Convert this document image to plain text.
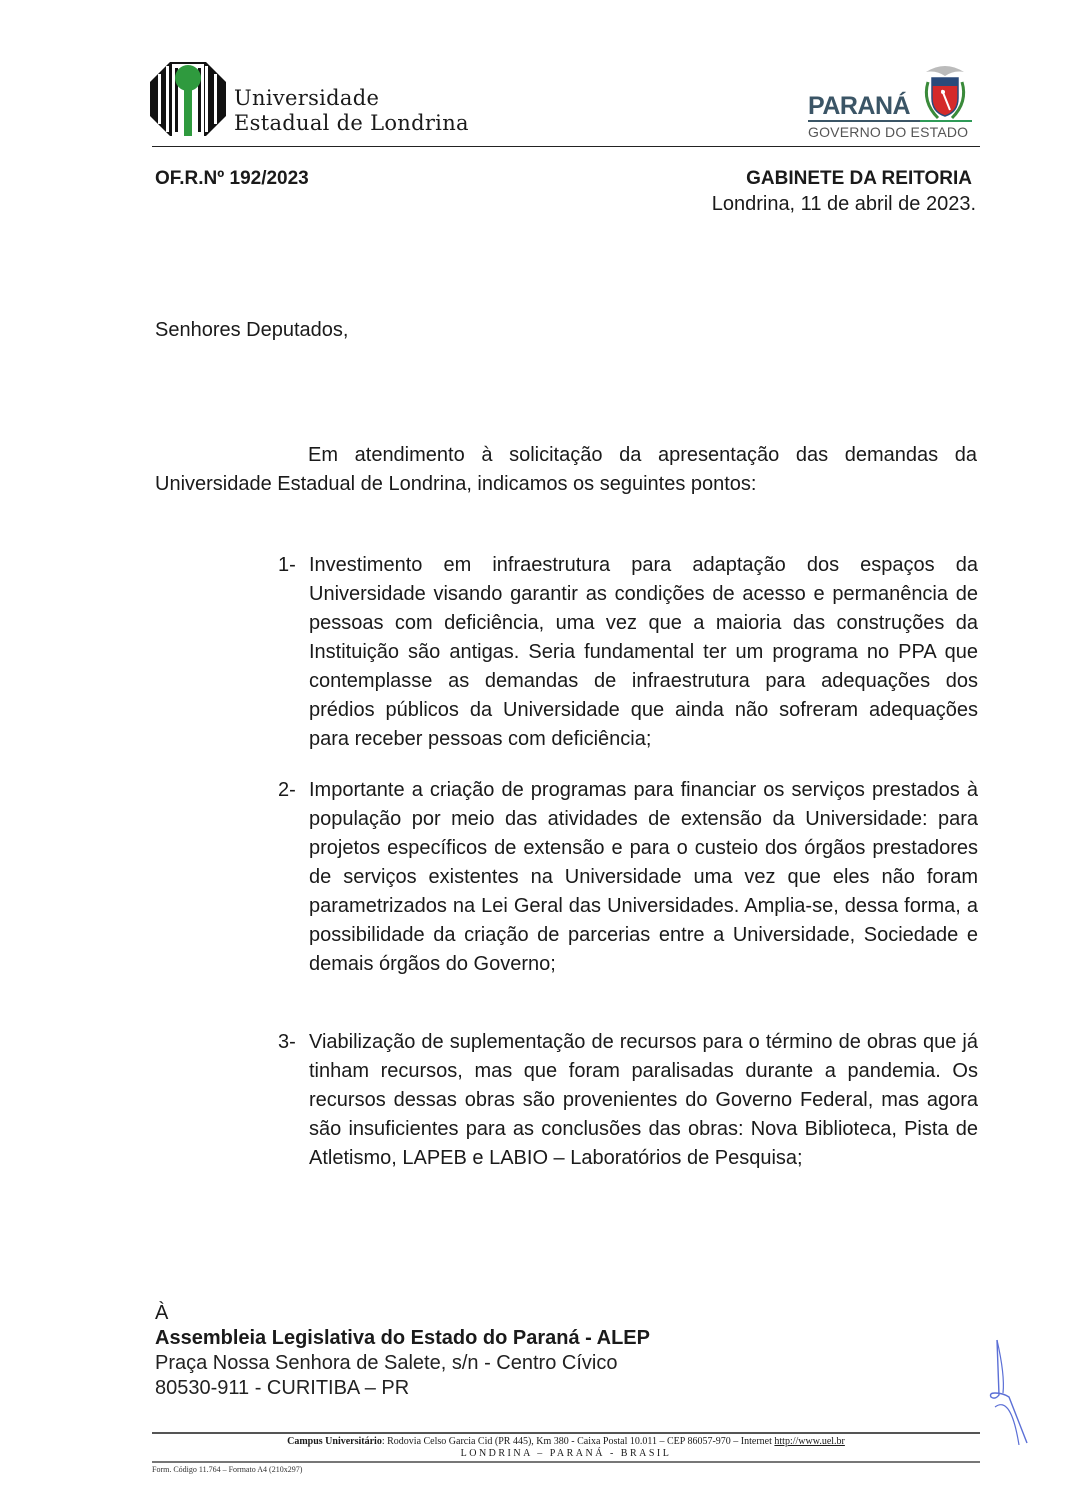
Universidade
Estadual de Londrina
PARANÁ
GOVERNO DO ESTADO
OF.R.Nº 192/2023	GABINETE DA REITORIA
Londrina, 11 de abril de 2023.
Senhores Deputados,
Em atendimento à solicitação da apresentação das demandas da Universidade Estadual de Londrina, indicamos os seguintes pontos:
1- Investimento em infraestrutura para adaptação dos espaços da Universidade visando garantir as condições de acesso e permanência de pessoas com deficiência, uma vez que a maioria das construções da Instituição são antigas. Seria fundamental ter um programa no PPA que contemplasse as demandas de infraestrutura para adequações dos prédios públicos da Universidade que ainda não sofreram adequações para receber pessoas com deficiência;
2- Importante a criação de programas para financiar os serviços prestados à população por meio das atividades de extensão da Universidade: para projetos específicos de extensão e para o custeio dos órgãos prestadores de serviços existentes na Universidade uma vez que eles não foram parametrizados na Lei Geral das Universidades. Amplia-se, dessa forma, a possibilidade da criação de parcerias entre a Universidade, Sociedade e demais órgãos do Governo;
3- Viabilização de suplementação de recursos para o término de obras que já tinham recursos, mas que foram paralisadas durante a pandemia. Os recursos dessas obras são provenientes do Governo Federal, mas agora são insuficientes para as conclusões das obras: Nova Biblioteca, Pista de Atletismo, LAPEB e LABIO – Laboratórios de Pesquisa;
À
Assembleia Legislativa do Estado do Paraná - ALEP
Praça Nossa Senhora de Salete, s/n - Centro Cívico
80530-911 - CURITIBA – PR
Campus Universitário: Rodovia Celso Garcia Cid (PR 445), Km 380 - Caixa Postal 10.011 – CEP 86057-970 – Internet http://www.uel.br
LONDRINA – PARANÁ - BRASIL
Form. Código 11.764 – Formato A4 (210x297)
